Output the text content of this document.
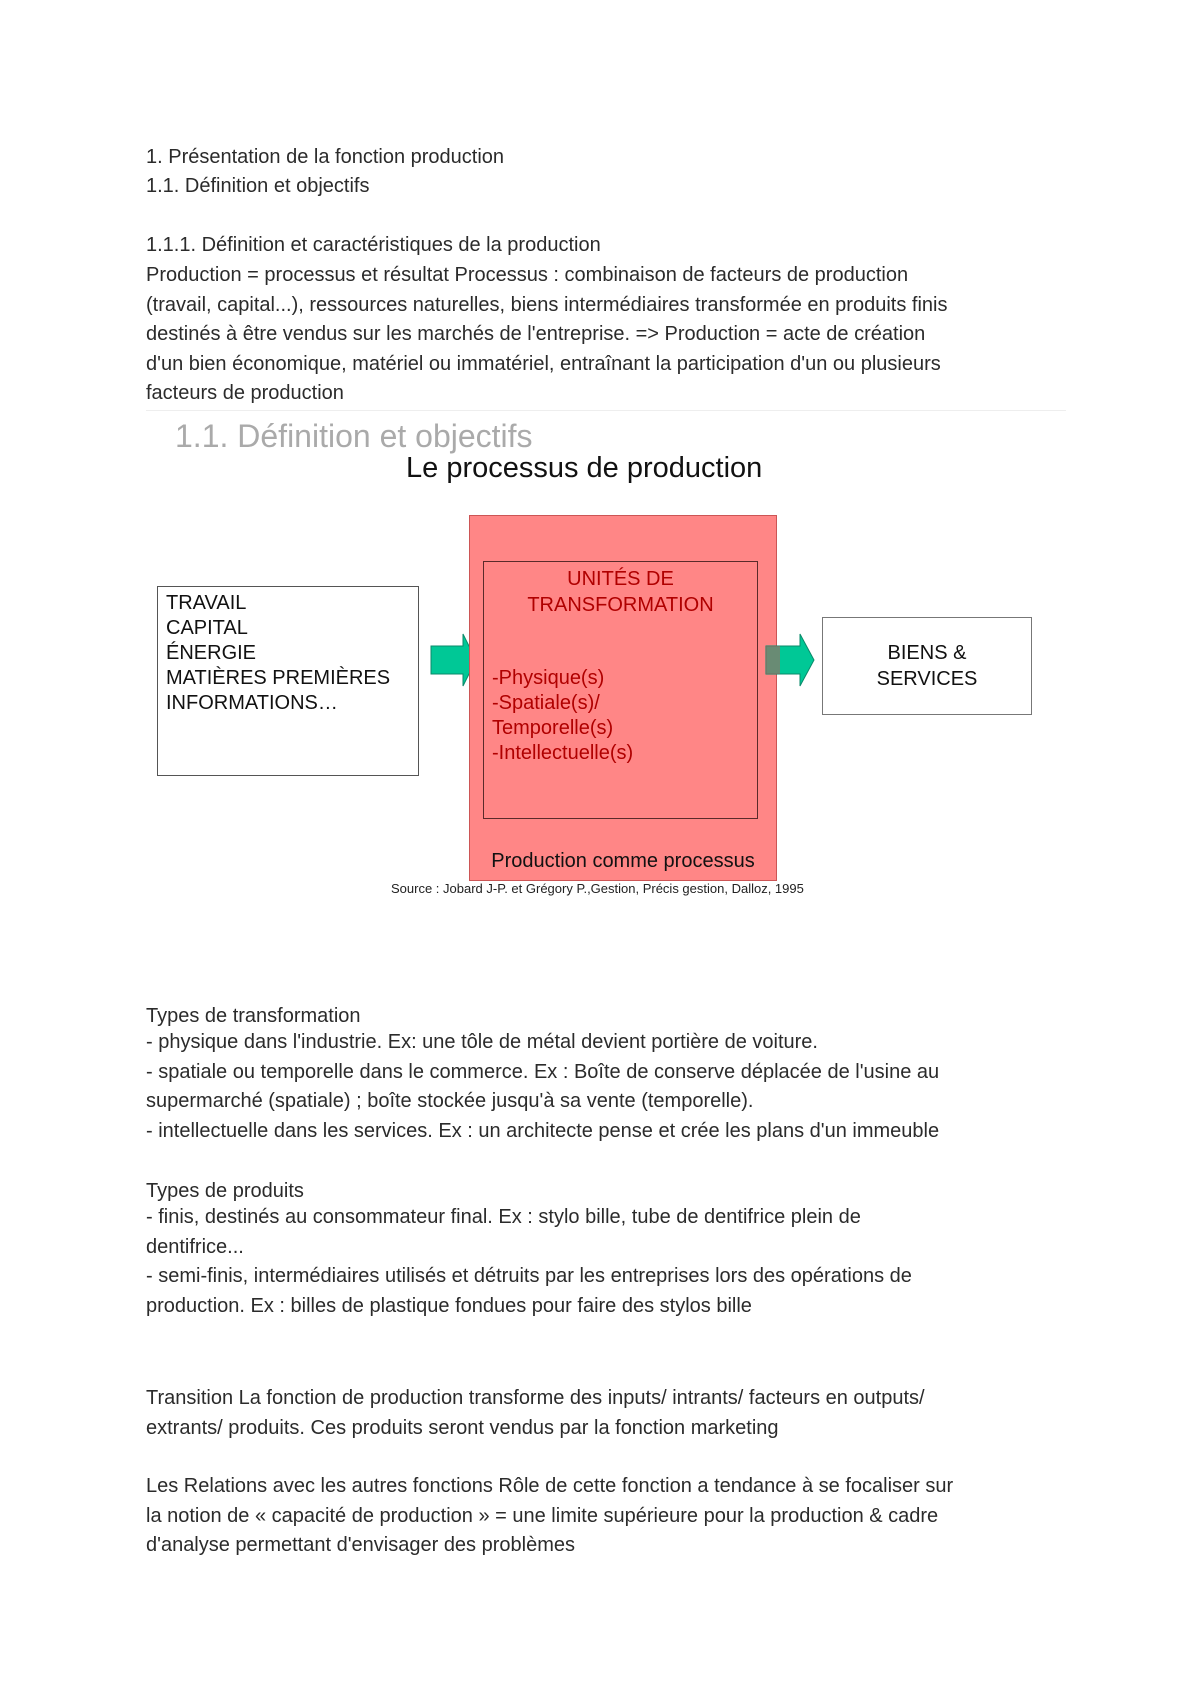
1. Présentation de la fonction production

1.1. Définition et objectifs

1.1.1. Définition et caractéristiques de la production

Production = processus et résultat Processus : combinaison de facteurs de production
(travail, capital...), ressources naturelles, biens intermédiaires transformée en produits finis
destinés à être vendus sur les marchés de l'entreprise. => Production = acte de création
d'un bien économique, matériel ou immatériel, entraînant la participation d'un ou plusieurs
facteurs de production

1.1. Définition et objectifs
Le processus de production
TRAVAIL
CAPITAL
ÉNERGIE
MATIÈRES PREMIÈRES
INFORMATIONS…
Production comme processus
UNITÉS DE
TRANSFORMATION
-Physique(s)
-Spatiale(s)/
Temporelle(s)
-Intellectuelle(s)
BIENS &
SERVICES
Source : Jobard J-P. et Grégory P.,Gestion, Précis gestion, Dalloz, 1995

Types de transformation

- physique dans l'industrie. Ex: une tôle de métal devient portière de voiture.
- spatiale ou temporelle dans le commerce. Ex : Boîte de conserve déplacée de l'usine au
supermarché (spatiale) ; boîte stockée jusqu'à sa vente (temporelle).
- intellectuelle dans les services. Ex : un architecte pense et crée les plans d'un immeuble

Types de produits

- finis, destinés au consommateur final. Ex : stylo bille, tube de dentifrice plein de
dentifrice...
- semi-finis, intermédiaires utilisés et détruits par les entreprises lors des opérations de
production. Ex : billes de plastique fondues pour faire des stylos bille

Transition La fonction de production transforme des inputs/ intrants/ facteurs en outputs/
extrants/ produits. Ces produits seront vendus par la fonction marketing

Les Relations avec les autres fonctions Rôle de cette fonction a tendance à se focaliser sur
la notion de « capacité de production » = une limite supérieure pour la production & cadre
d'analyse permettant d'envisager des problèmes
